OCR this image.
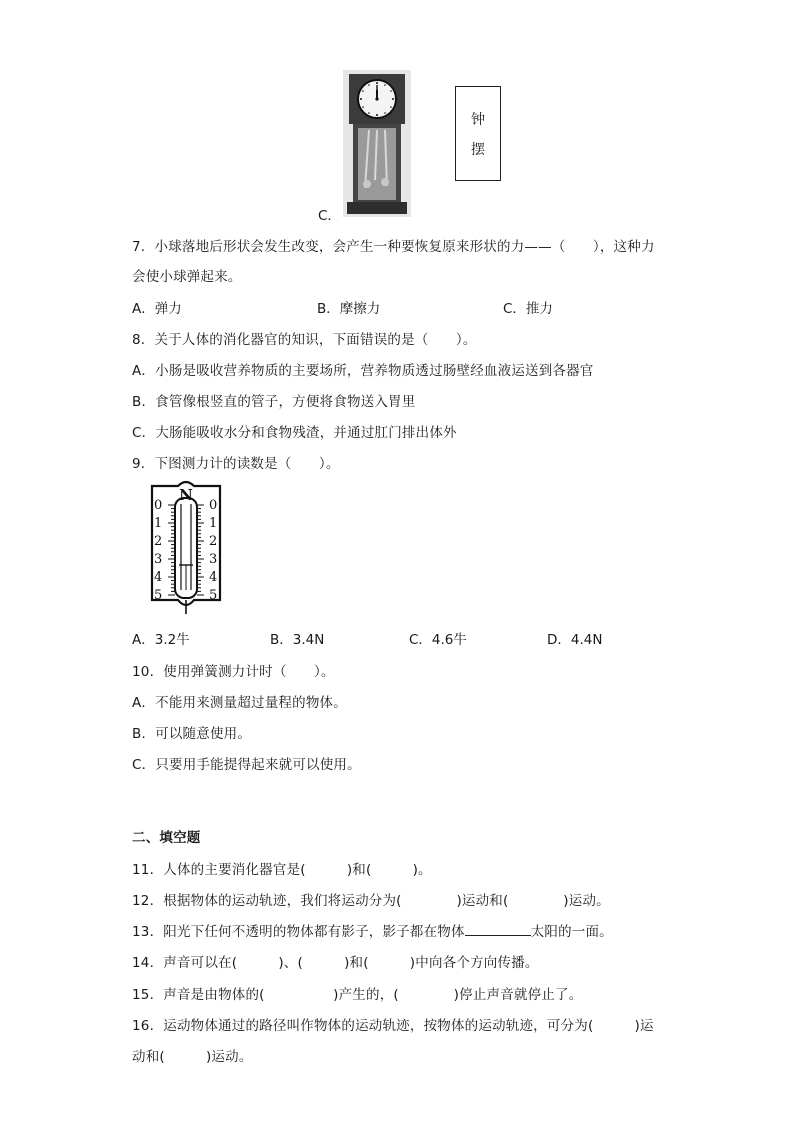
C．
钟
摆
7．小球落地后形状会发生改变，会产生一种要恢复原来形状的力——（　　），这种力
会使小球弹起来。
A．弹力	B．摩擦力	C．推力
8．关于人体的消化器官的知识，下面错误的是（　　）。
A．小肠是吸收营养物质的主要场所，营养物质透过肠壁经血液运送到各器官
B．食管像根竖直的管子，方便将食物送入胃里
C．大肠能吸收水分和食物残渣，并通过肛门排出体外
9．下图测力计的读数是（　　）。
N
0
1
2
3
4
5
0
1
2
3
4
5
A．3.2牛	B．3.4N	C．4.6牛	D．4.4N
10．使用弹簧测力计时（　　）。
A．不能用来测量超过量程的物体。
B．可以随意使用。
C．只要用手能提得起来就可以使用。
二、填空题
11．人体的主要消化器官是(　　　)和(　　　)。
12．根据物体的运动轨迹，我们将运动分为(　　　　)运动和(　　　　)运动。
13．阳光下任何不透明的物体都有影子，影子都在物体	太阳的一面。
14．声音可以在(　　　)、(　　　)和(　　　)中向各个方向传播。
15．声音是由物体的(　　　　　)产生的，(　　　　)停止声音就停止了。
16．运动物体通过的路径叫作物体的运动轨迹，按物体的运动轨迹，可分为(　　　)运
动和(　　　)运动。
